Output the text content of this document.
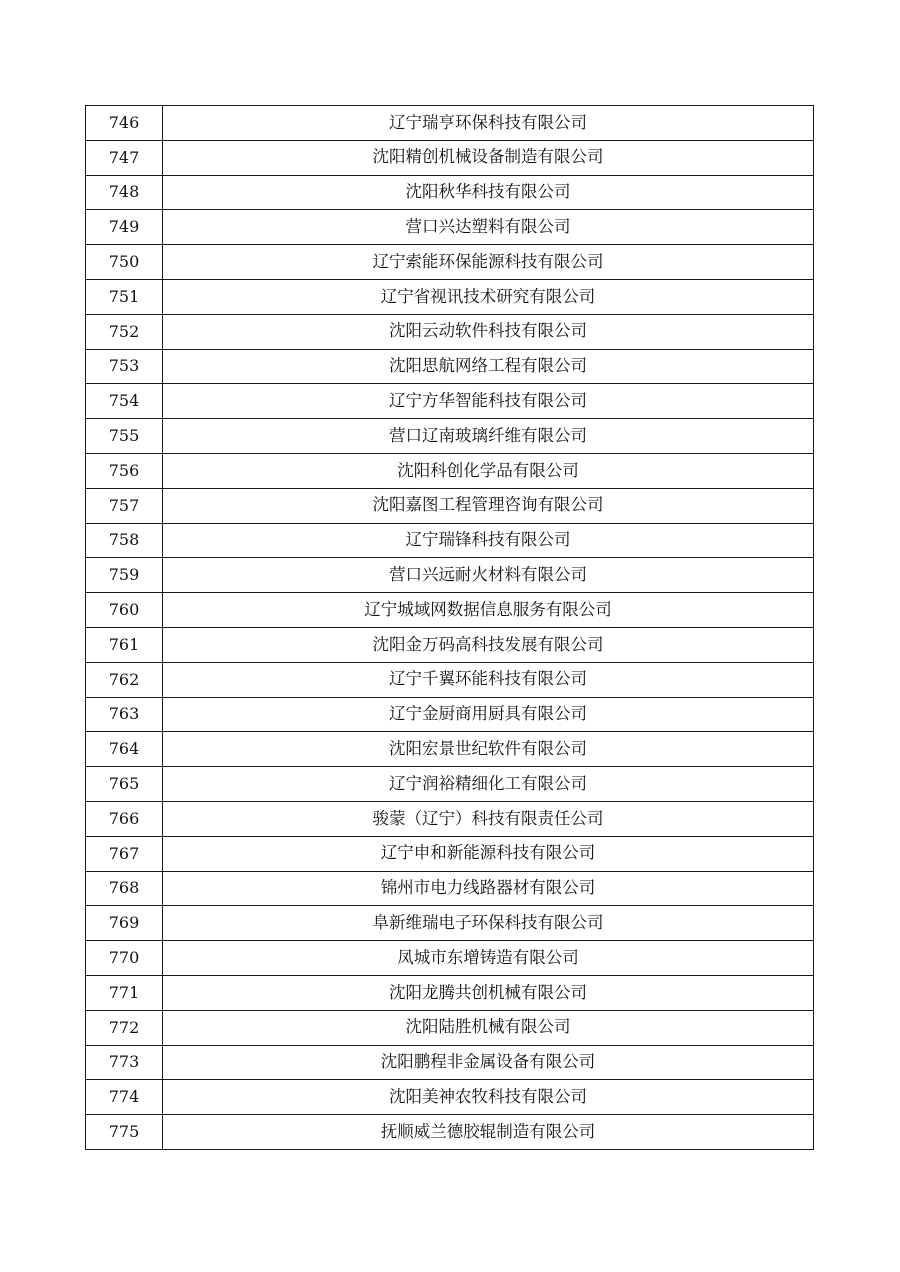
746	辽宁瑞亨环保科技有限公司
747	沈阳精创机械设备制造有限公司
748	沈阳秋华科技有限公司
749	营口兴达塑料有限公司
750	辽宁索能环保能源科技有限公司
751	辽宁省视讯技术研究有限公司
752	沈阳云动软件科技有限公司
753	沈阳思航网络工程有限公司
754	辽宁方华智能科技有限公司
755	营口辽南玻璃纤维有限公司
756	沈阳科创化学品有限公司
757	沈阳嘉图工程管理咨询有限公司
758	辽宁瑞锋科技有限公司
759	营口兴远耐火材料有限公司
760	辽宁城域网数据信息服务有限公司
761	沈阳金万码高科技发展有限公司
762	辽宁千翼环能科技有限公司
763	辽宁金厨商用厨具有限公司
764	沈阳宏景世纪软件有限公司
765	辽宁润裕精细化工有限公司
766	骏蒙（辽宁）科技有限责任公司
767	辽宁申和新能源科技有限公司
768	锦州市电力线路器材有限公司
769	阜新维瑞电子环保科技有限公司
770	凤城市东增铸造有限公司
771	沈阳龙腾共创机械有限公司
772	沈阳陆胜机械有限公司
773	沈阳鹏程非金属设备有限公司
774	沈阳美神农牧科技有限公司
775	抚顺威兰德胶辊制造有限公司
